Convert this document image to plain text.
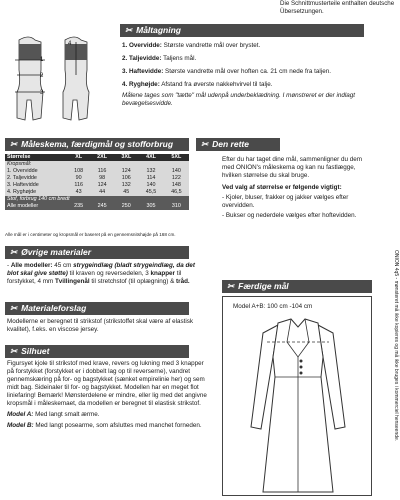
Die Schnittmusterteile enthalten deutsche Übersetzungen.
1
2
3
4
✂ Måltagning
1. Overvidde: Største vandrette mål over brystet.
2. Taljevidde: Taljens mål.
3. Haftevidde: Største vandrette mål over hoften ca. 21 cm nede fra taljen.
4. Ryghøjde: Afstand fra øverste nakkehvirvel til talje.
Målene tages som "tætte" mål udenpå underbeklædning. I mønstreret er der indlagt bevægelsesvidde.
✂ Måleskema, færdigmål og stofforbrug
Størrelse	XL	2XL	3XL	4XL	5XL
Kropsmål:					
1. Overvidde	108	116	124	132	140
2. Taljevidde	90	98	106	114	122
3. Haftevidde	116	124	132	140	148
4. Ryghøjde	43	44	45	45,5	46,5
Stof, forbrug 140 cm bredt					
Alle modeller	235	245	250	305	310
Alle mål er i centimeter og kropsmål er baseret på en gennemsnitshøjde på 168 cm.
✂ Den rette størrelse
Efter du har taget dine mål, sammenligner du dem med ONION's måleskema og kan nu fastlægge, hvilken størrelse du skal bruge.
Ved valg af størrelse er følgende vigtigt:
- Kjoler, bluser, frakker og jakker vælges efter overvidden.
- Bukser og nederdele vælges efter hoftevidden.
✂ Øvrige materialer
- Alle modeller: 45 cm strygeindlæg (bladt strygeindlæg, da det blot skal give støtte) til kraven og reversedelen, 3 knapper til forstykket, 4 mm Tvillingenål til stretchstof (til oplægning) & tråd.
✂ Materialeforslag
Modellerne er beregnet til strikstof (strikstoffet skal være af elastisk kvalitet), f.eks. en viscose jersey.
✂ Silhuet
Figursyet kjole til strikstof med krave, revers og lukning med 3 knapper på forstykket (forstykket er i dobbelt lag op til reverserne), vandret gennemskæring på for- og bagstykket (sænket empirelinie her) og sem midt bag. Sideinaler til for- og bagstykket. Modellen har en meget flot liniefaring! Bemærk! Mønsterdelene er mindre, eller lig med det angivne kropsmål i måleskemaet, da modellen er beregnet til elastisk strikstof.
Model A: Med langt smalt ærme.
Model B: Med langt posearme, som afsluttes med manchet forneden.
✂ Færdige mål
Model A+B: 100 cm -104 cm	ONION 4q5 - mønsteret må ikke kopieres og må ikke bruges i kommerciel henseende.
